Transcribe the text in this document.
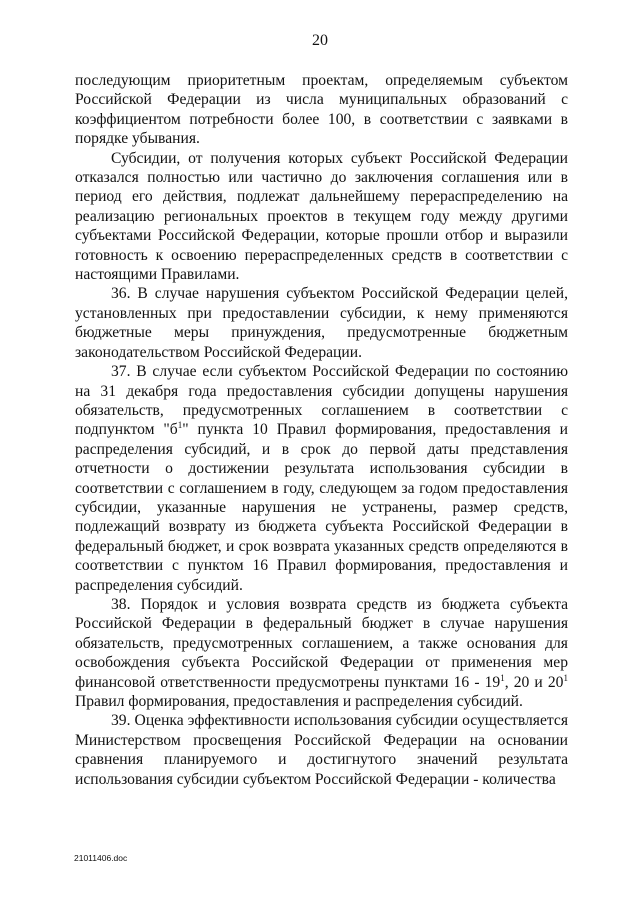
20

последующим приоритетным проектам, определяемым субъектом Российской Федерации из числа муниципальных образований с коэффициентом потребности более 100, в соответствии с заявками в порядке убывания.

Субсидии, от получения которых субъект Российской Федерации отказался полностью или частично до заключения соглашения или в период его действия, подлежат дальнейшему перераспределению на реализацию региональных проектов в текущем году между другими субъектами Российской Федерации, которые прошли отбор и выразили готовность к освоению перераспределенных средств в соответствии с настоящими Правилами.

36. В случае нарушения субъектом Российской Федерации целей, установленных при предоставлении субсидии, к нему применяются бюджетные меры принуждения, предусмотренные бюджетным законодательством Российской Федерации.

37. В случае если субъектом Российской Федерации по состоянию на 31 декабря года предоставления субсидии допущены нарушения обязательств, предусмотренных соглашением в соответствии с подпунктом "$б^1$" пункта 10 Правил формирования, предоставления и распределения субсидий, и в срок до первой даты представления отчетности о достижении результата использования субсидии в соответствии с соглашением в году, следующем за годом предоставления субсидии, указанные нарушения не устранены, размер средств, подлежащий возврату из бюджета субъекта Российской Федерации в федеральный бюджет, и срок возврата указанных средств определяются в соответствии с пунктом 16 Правил формирования, предоставления и распределения субсидий.

38. Порядок и условия возврата средств из бюджета субъекта Российской Федерации в федеральный бюджет в случае нарушения обязательств, предусмотренных соглашением, а также основания для освобождения субъекта Российской Федерации от применения мер финансовой ответственности предусмотрены пунктами $16 - 19^1$, 20 и $20^1$ Правил формирования, предоставления и распределения субсидий.

39. Оценка эффективности использования субсидии осуществляется Министерством просвещения Российской Федерации на основании сравнения планируемого и достигнутого значений результата использования субсидии субъектом Российской Федерации - количества

21011406.doc
